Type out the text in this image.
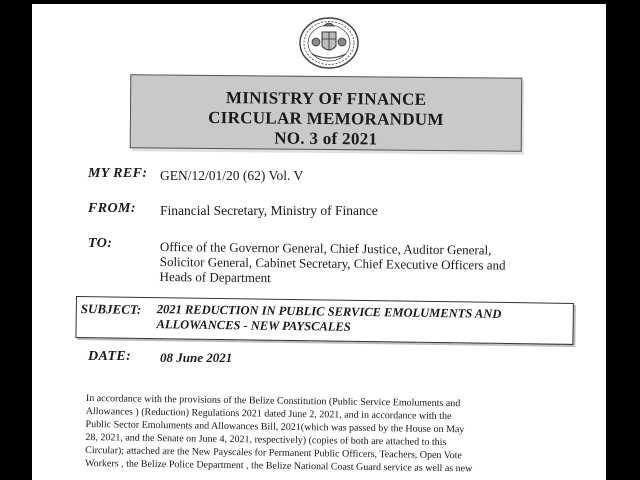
MINISTRY OF FINANCE
CIRCULAR MEMORANDUM
NO. 3 of 2021
MY REF: GEN/12/01/20 (62) Vol. V
FROM: Financial Secretary, Ministry of Finance
TO:	Office of the Governor General, Chief Justice, Auditor General,
Solicitor General, Cabinet Secretary, Chief Executive Officers and
Heads of Department
SUBJECT: 2021 REDUCTION IN PUBLIC SERVICE EMOLUMENTS AND
ALLOWANCES - NEW PAYSCALES
DATE: 08 June 2021
In accordance with the provisions of the Belize Constitution (Public Service Emoluments and
Allowances ) (Reduction) Regulations 2021 dated June 2, 2021, and in accordance with the
Public Sector Emoluments and Allowances Bill, 2021(which was passed by the House on May
28, 2021, and the Senate on June 4, 2021, respectively) (copies of both are attached to this
Circular); attached are the New Payscales for Permanent Public Officers, Teachers, Open Vote
Workers , the Belize Police Department , the Belize National Coast Guard service as well as new
